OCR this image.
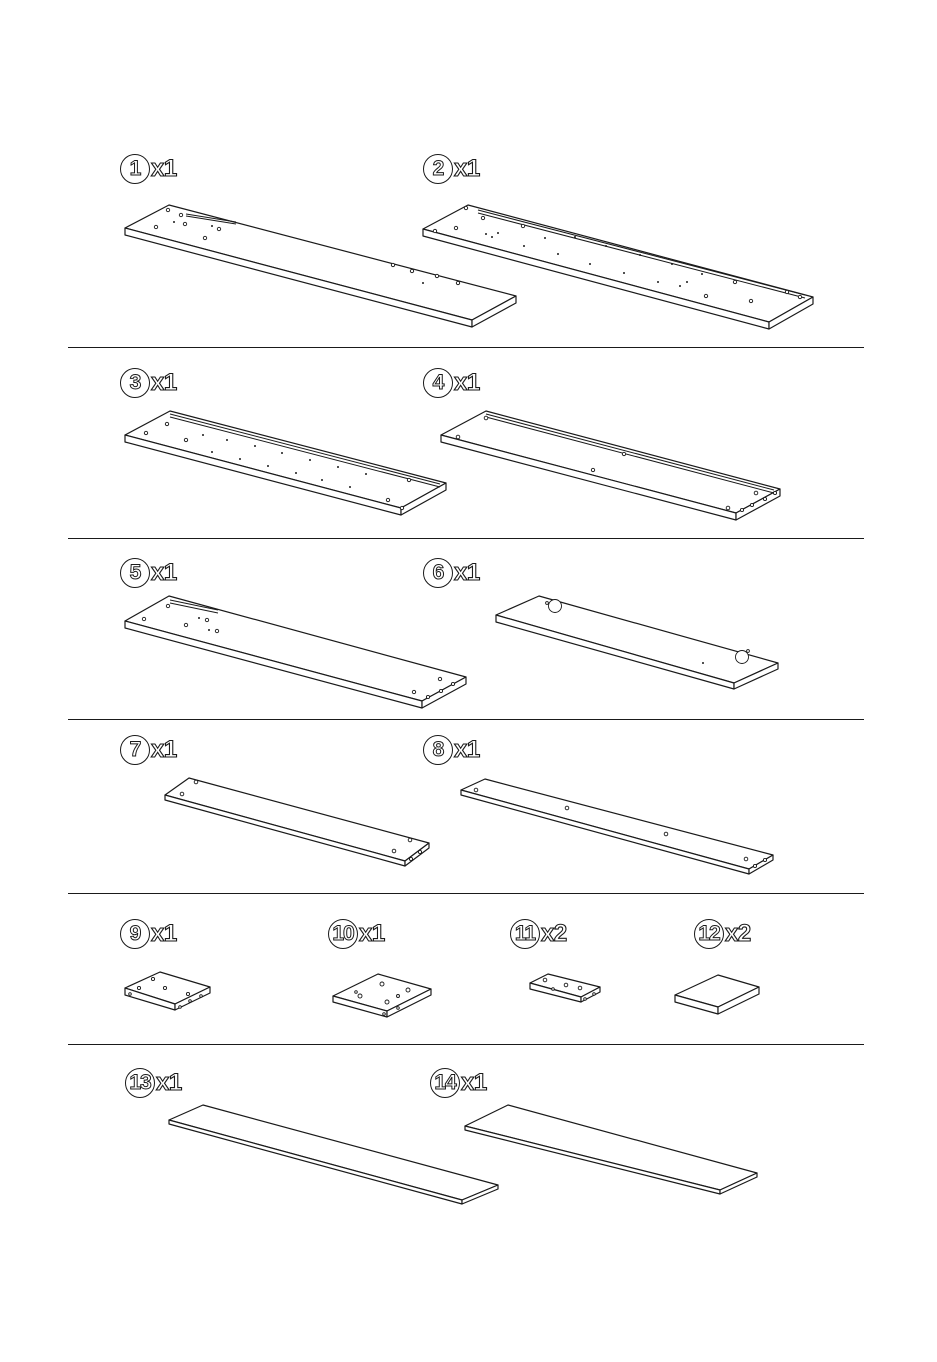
1 x1	2 x1
3 x1	4 x1
5 x1	6 x1
7 x1	8 x1
9 x1	10 x1	11 x2	12 x2
13 x1	14 x1
